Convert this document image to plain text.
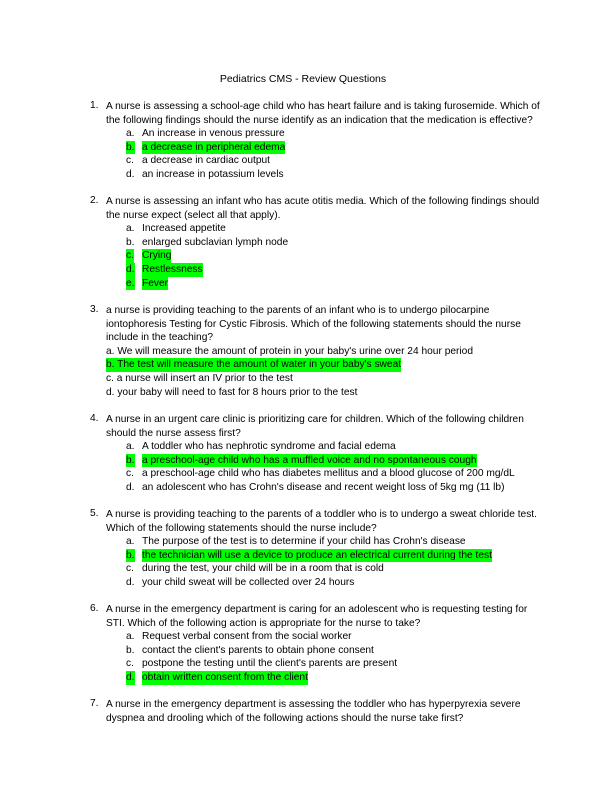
Pediatrics CMS - Review Questions
1. A nurse is assessing a school-age child who has heart failure and is taking furosemide. Which of the following findings should the nurse identify as an indication that the medication is effective?
a. An increase in venous pressure
b. a decrease in peripheral edema
c. a decrease in cardiac output
d. an increase in potassium levels
2. A nurse is assessing an infant who has acute otitis media. Which of the following findings should the nurse expect (select all that apply).
a. Increased appetite
b. enlarged subclavian lymph node
c. Crying
d. Restlessness
e. Fever
3. a nurse is providing teaching to the parents of an infant who is to undergo pilocarpine iontophoresis Testing for Cystic Fibrosis. Which of the following statements should the nurse include in the teaching?
a. We will measure the amount of protein in your baby's urine over 24 hour period
b. The test will measure the amount of water in your baby's sweat
c. a nurse will insert an IV prior to the test
d. your baby will need to fast for 8 hours prior to the test
4. A nurse in an urgent care clinic is prioritizing care for children. Which of the following children should the nurse assess first?
a. A toddler who has nephrotic syndrome and facial edema
b. a preschool-age child who has a muffled voice and no spontaneous cough
c. a preschool-age child who has diabetes mellitus and a blood glucose of 200 mg/dL
d. an adolescent who has Crohn's disease and recent weight loss of 5kg mg (11 lb)
5. A nurse is providing teaching to the parents of a toddler who is to undergo a sweat chloride test. Which of the following statements should the nurse include?
a. The purpose of the test is to determine if your child has Crohn's disease
b. the technician will use a device to produce an electrical current during the test
c. during the test, your child will be in a room that is cold
d. your child sweat will be collected over 24 hours
6. A nurse in the emergency department is caring for an adolescent who is requesting testing for STI. Which of the following action is appropriate for the nurse to take?
a. Request verbal consent from the social worker
b. contact the client's parents to obtain phone consent
c. postpone the testing until the client's parents are present
d. obtain written consent from the client
7. A nurse in the emergency department is assessing the toddler who has hyperpyrexia severe dyspnea and drooling which of the following actions should the nurse take first?
